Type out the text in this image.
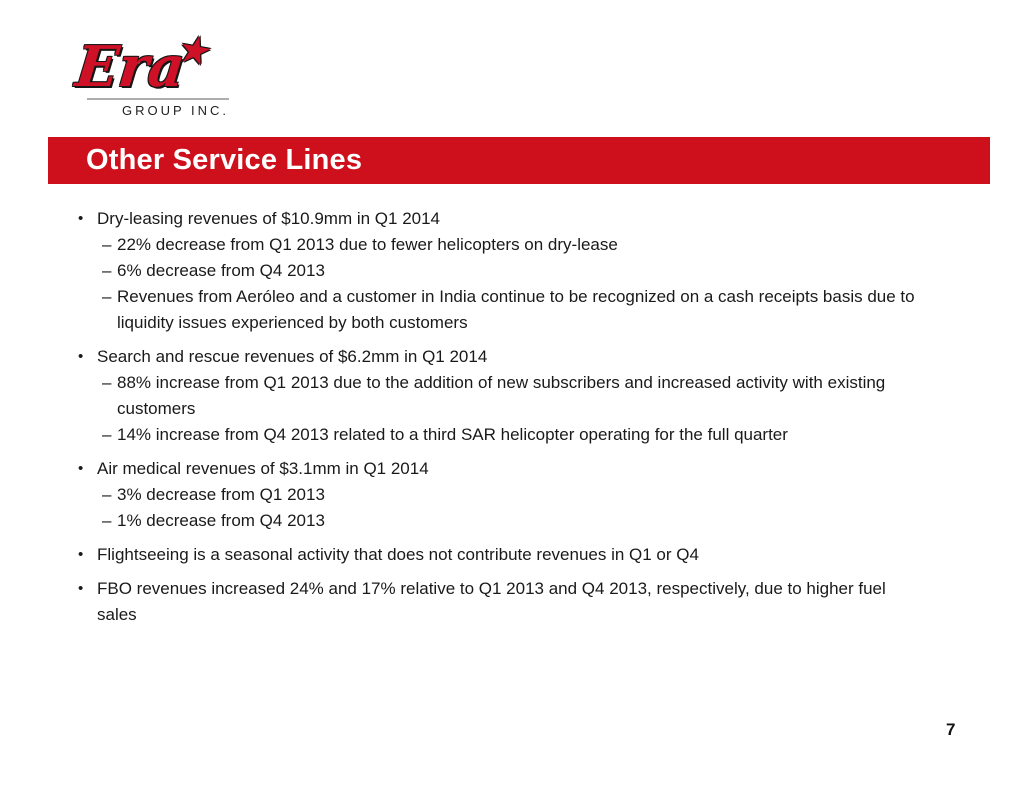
Era★
GROUP INC.
Other Service Lines
• Dry-leasing revenues of $10.9mm in Q1 2014
– 22% decrease from Q1 2013 due to fewer helicopters on dry-lease
– 6% decrease from Q4 2013
– Revenues from Aeróleo and a customer in India continue to be recognized on a cash receipts basis due to liquidity issues experienced by both customers
• Search and rescue revenues of $6.2mm in Q1 2014
– 88% increase from Q1 2013 due to the addition of new subscribers and increased activity with existing customers
– 14% increase from Q4 2013 related to a third SAR helicopter operating for the full quarter
• Air medical revenues of $3.1mm in Q1 2014
– 3% decrease from Q1 2013
– 1% decrease from Q4 2013
• Flightseeing is a seasonal activity that does not contribute revenues in Q1 or Q4
• FBO revenues increased 24% and 17% relative to Q1 2013 and Q4 2013, respectively, due to higher fuel sales
7
